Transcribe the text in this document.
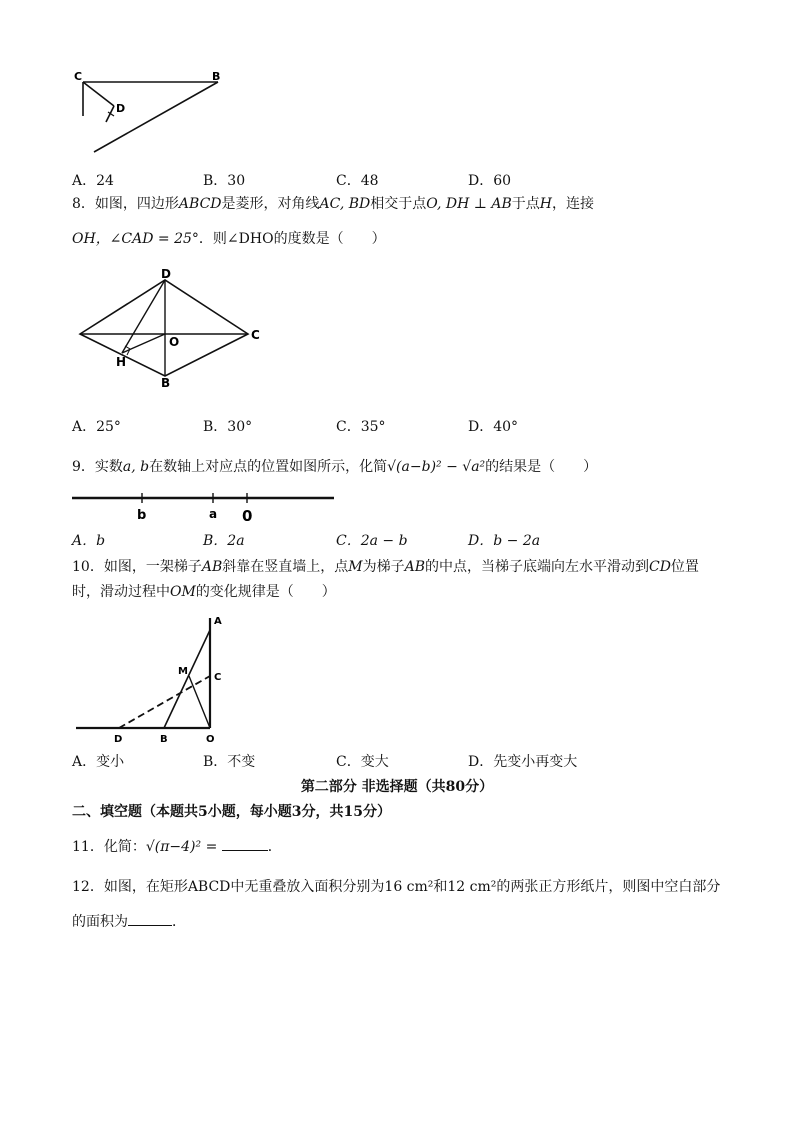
C	B
D
A．24	B．30	C．48	D．60
8．如图，四边形ABCD是菱形，对角线AC, BD相交于点O, DH ⊥ AB于点H，连接
OH，∠CAD = 25°．则∠DHO的度数是（　　）
D
O	C
H
B
A．25°	B．30°	C．35°	D．40°
9．实数a, b在数轴上对应点的位置如图所示，化简√(a−b)² − √a²的结果是（　　）
b	a 0
A．b	B．2a	C．2a − b	D．b − 2a
10．如图，一架梯子AB斜靠在竖直墙上，点M为梯子AB的中点，当梯子底端向左水平滑动到CD位置
时，滑动过程中OM的变化规律是（　　）
A
M
C
D	B	O
A．变小	B．不变	C．变大	D．先变小再变大
第二部分 非选择题（共80分）
二、填空题（本题共5小题，每小题3分，共15分）
11．化简：√(π−4)² =	．
12．如图，在矩形ABCD中无重叠放入面积分别为16 cm²和12 cm²的两张正方形纸片，则图中空白部分
的面积为	．
